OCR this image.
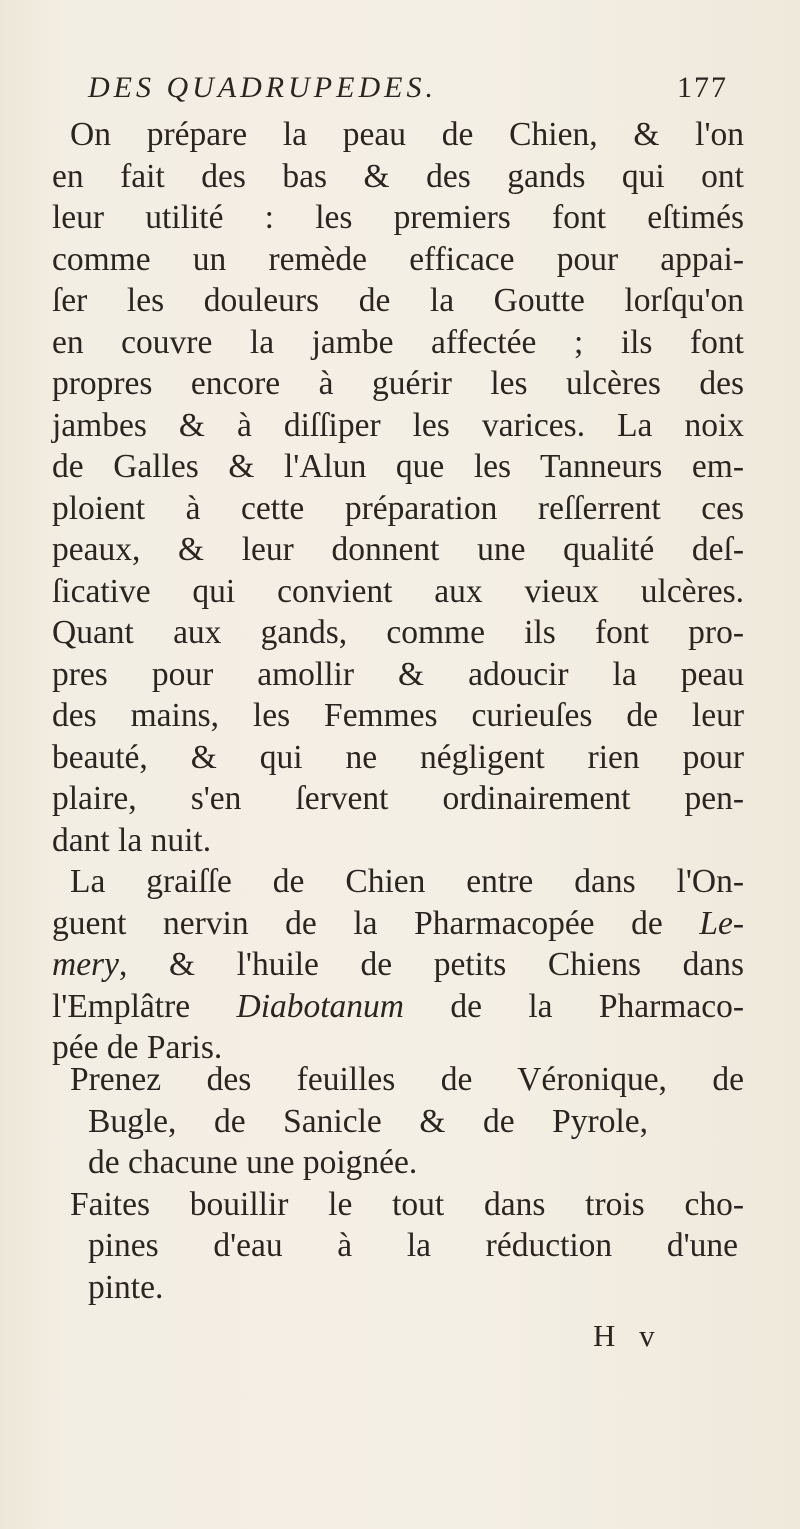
DES QUADRUPEDES.	177
On prépare la peau de Chien, & l'on
en fait des bas & des gands qui ont
leur utilité : les premiers font eſtimés
comme un remède efficace pour appai-
ſer les douleurs de la Goutte lorſqu'on
en couvre la jambe affectée ; ils font
propres encore à guérir les ulcères des
jambes & à diſſiper les varices. La noix
de Galles & l'Alun que les Tanneurs em-
ploient à cette préparation reſſerrent ces
peaux, & leur donnent une qualité deſ-
ſicative qui convient aux vieux ulcères.
Quant aux gands, comme ils font pro-
pres pour amollir & adoucir la peau
des mains, les Femmes curieuſes de leur
beauté, & qui ne négligent rien pour
plaire, s'en ſervent ordinairement pen-
dant la nuit.
La graiſſe de Chien entre dans l'On-
guent nervin de la Pharmacopée de Le-
mery, & l'huile de petits Chiens dans
l'Emplâtre Diabotanum de la Pharmaco-
pée de Paris.
Prenez des feuilles de Véronique, de
Bugle, de Sanicle & de Pyrole,
de chacune une poignée.
Faites bouillir le tout dans trois cho-
pines d'eau à la réduction d'une
pinte.
H v
